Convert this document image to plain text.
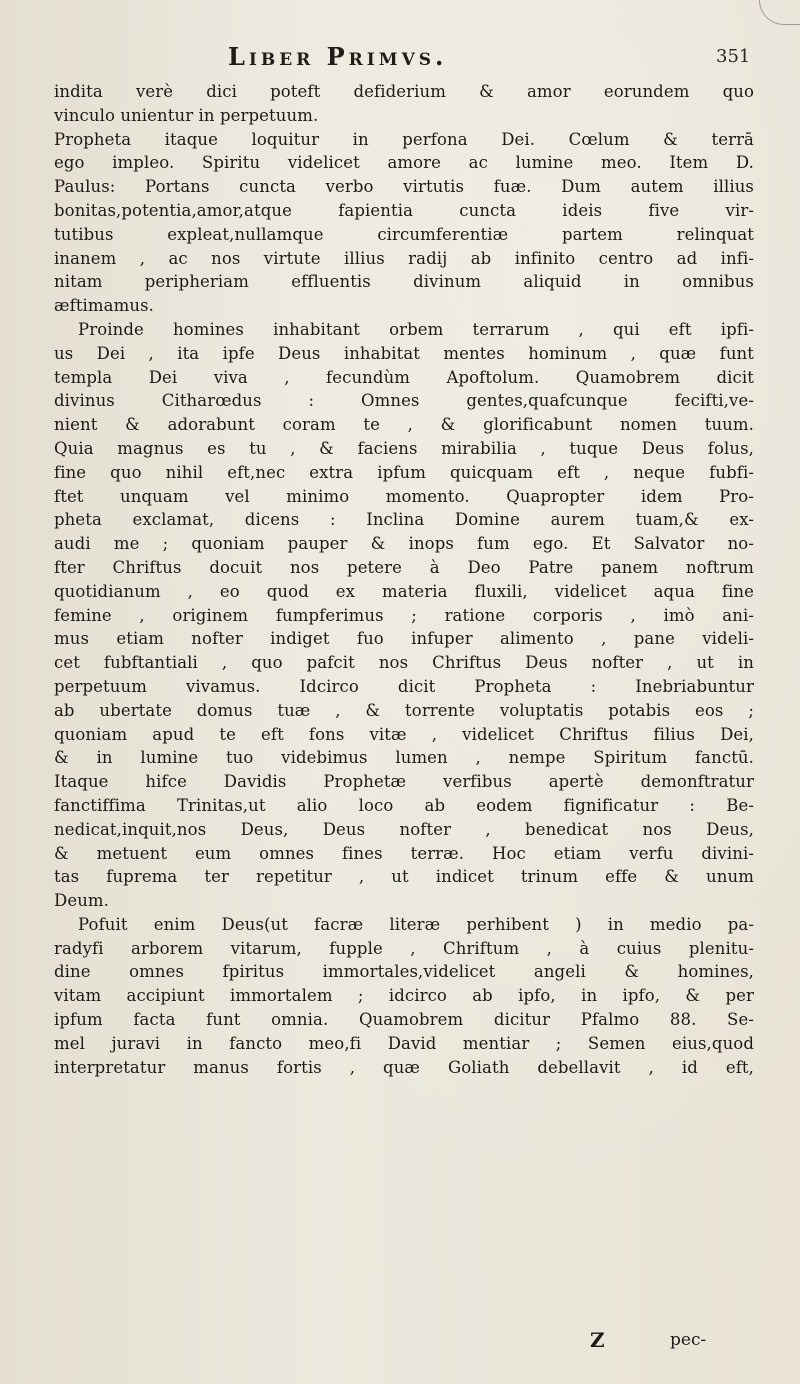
Liber Primvs.	351
indita verè dici poteft defiderium & amor eorundem quo
vinculo unientur in perpetuum.
Propheta itaque loquitur in perfona Dei. Cœlum & terrā
ego impleo. Spiritu videlicet amore ac lumine meo. Item D.
Paulus: Portans cuncta verbo virtutis fuæ. Dum autem illius
bonitas,potentia,amor,atque fapientia cuncta ideis five vir-
tutibus expleat,nullamque circumferentiæ partem relinquat
inanem , ac nos virtute illius radij ab infinito centro ad infi-
nitam peripheriam effluentis divinum aliquid in omnibus
æftimamus.
Proinde homines inhabitant orbem terrarum , qui eft ipfi-
us Dei , ita ipfe Deus inhabitat mentes hominum , quæ funt
templa Dei viva , fecundùm Apoftolum. Quamobrem dicit
divinus Citharœdus : Omnes gentes,quafcunque fecifti,ve-
nient & adorabunt coram te , & glorificabunt nomen tuum.
Quia magnus es tu , & faciens mirabilia , tuque Deus folus,
fine quo nihil eft,nec extra ipfum quicquam eft , neque fubfi-
ftet unquam vel minimo momento. Quapropter idem Pro-
pheta exclamat, dicens : Inclina Domine aurem tuam,& ex-
audi me ; quoniam pauper & inops fum ego. Et Salvator no-
fter Chriftus docuit nos petere à Deo Patre panem noftrum
quotidianum , eo quod ex materia fluxili, videlicet aqua fine
femine , originem fumpferimus ; ratione corporis , imò ani-
mus etiam nofter indiget fuo infuper alimento , pane videli-
cet fubftantiali , quo pafcit nos Chriftus Deus nofter , ut in
perpetuum vivamus. Idcirco dicit Propheta : Inebriabuntur
ab ubertate domus tuæ , & torrente voluptatis potabis eos ;
quoniam apud te eft fons vitæ , videlicet Chriftus filius Dei,
& in lumine tuo videbimus lumen , nempe Spiritum fanctū.
Itaque hifce Davidis Prophetæ verfibus apertè demonftratur
fanctiffima Trinitas,ut alio loco ab eodem fignificatur : Be-
nedicat,inquit,nos Deus, Deus nofter , benedicat nos Deus,
& metuent eum omnes fines terræ. Hoc etiam verfu divini-
tas fuprema ter repetitur , ut indicet trinum effe & unum
Deum.
Pofuit enim Deus(ut facræ literæ perhibent ) in medio pa-
radyfi arborem vitarum, fupple , Chriftum , à cuius plenitu-
dine omnes fpiritus immortales,videlicet angeli & homines,
vitam accipiunt immortalem ; idcirco ab ipfo, in ipfo, & per
ipfum facta funt omnia. Quamobrem dicitur Pfalmo 88. Se-
mel juravi in fancto meo,fi David mentiar ; Semen eius,quod
interpretatur manus fortis , quæ Goliath debellavit , id eft,
Z	pec-
